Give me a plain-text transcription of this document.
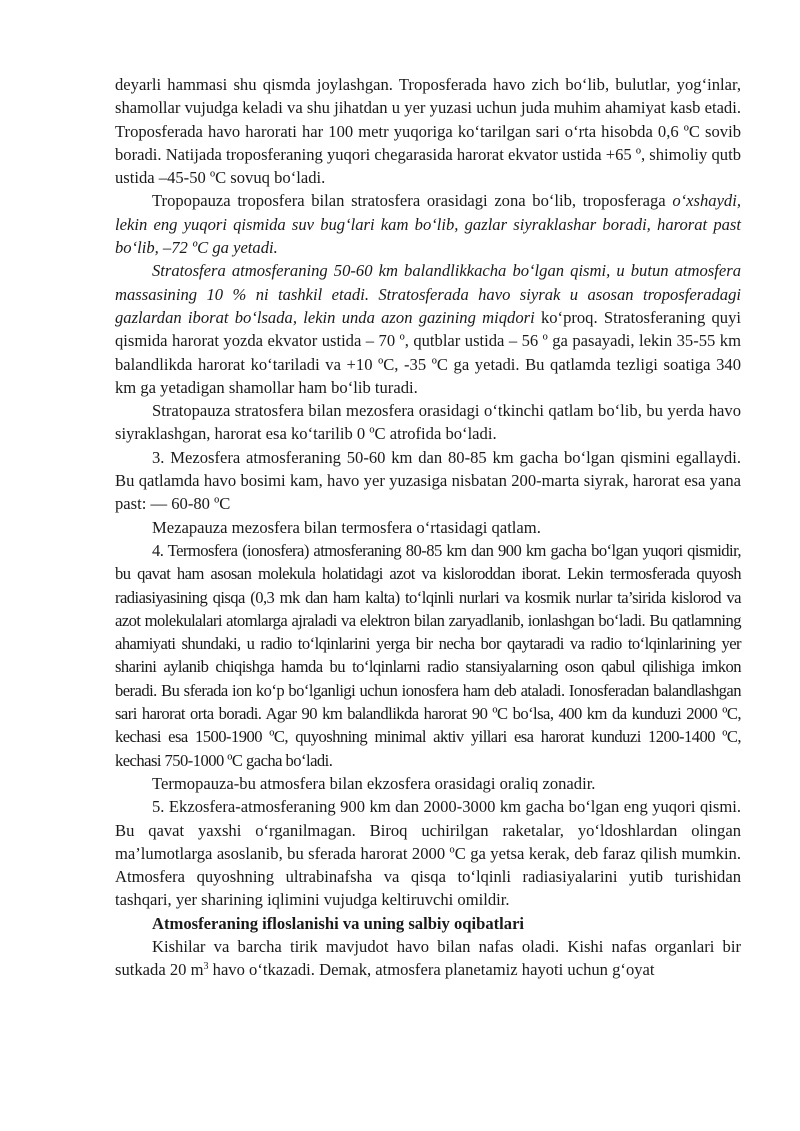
deyarli hammasi shu qismda joylashgan. Troposferada havo zich bo‘lib, bulutlar, yog‘inlar, shamollar vujudga keladi va shu jihatdan u yer yuzasi uchun juda muhim ahamiyat kasb etadi. Troposferada havo harorati har 100 metr yuqoriga ko‘tarilgan sari o‘rta hisobda 0,6 ºC sovib boradi. Natijada troposferaning yuqori chegarasida harorat ekvator ustida +65 º, shimoliy qutb ustida –45-50 ºC sovuq bo‘ladi.

Tropopauza troposfera bilan stratosfera orasidagi zona bo‘lib, troposferaga o‘xshaydi, lekin eng yuqori qismida suv bug‘lari kam bo‘lib, gazlar siyraklashar boradi, harorat past bo‘lib, –72 ºC ga yetadi.

Stratosfera atmosferaning 50-60 km balandlikkacha bo‘lgan qismi, u butun atmosfera massasining 10 % ni tashkil etadi. Stratosferada havo siyrak u asosan troposferadagi gazlardan iborat bo‘lsada, lekin unda azon gazining miqdori ko‘proq. Stratosferaning quyi qismida harorat yozda ekvator ustida – 70 º, qutblar ustida – 56 º ga pasayadi, lekin 35-55 km balandlikda harorat ko‘tariladi va +10 ºC, -35 ºC ga yetadi. Bu qatlamda tezligi soatiga 340 km ga yetadigan shamollar ham bo‘lib turadi.

Stratopauza stratosfera bilan mezosfera orasidagi o‘tkinchi qatlam bo‘lib, bu yerda havo siyraklashgan, harorat esa ko‘tarilib 0 ºC atrofida bo‘ladi.

3. Mezosfera atmosferaning 50-60 km dan 80-85 km gacha bo‘lgan qismini egallaydi. Bu qatlamda havo bosimi kam, havo yer yuzasiga nisbatan 200-marta siyrak, harorat esa yana past: — 60-80 ºC

Mezapauza mezosfera bilan termosfera o‘rtasidagi qatlam.

4. Termosfera (ionosfera) atmosferaning 80-85 km dan 900 km gacha bo‘lgan yuqori qismidir, bu qavat ham asosan molekula holatidagi azot va kisloroddan iborat. Lekin termosferada quyosh radiasiyasining qisqa (0,3 mk dan ham kalta) to‘lqinli nurlari va kosmik nurlar ta’sirida kislorod va azot molekulalari atomlarga ajraladi va elektron bilan zaryadlanib, ionlashgan bo‘ladi. Bu qatlamning ahamiyati shundaki, u radio to‘lqinlarini yerga bir necha bor qaytaradi va radio to‘lqinlarining yer sharini aylanib chiqishga hamda bu to‘lqinlarni radio stansiyalarning oson qabul qilishiga imkon beradi. Bu sferada ion ko‘p bo‘lganligi uchun ionosfera ham deb ataladi. Ionosferadan balandlashgan sari harorat orta boradi. Agar 90 km balandlikda harorat 90 ºC bo‘lsa, 400 km da kunduzi 2000 ºC, kechasi esa 1500-1900 ºC, quyoshning minimal aktiv yillari esa harorat kunduzi 1200-1400 ºC, kechasi 750-1000 ºC gacha bo‘ladi.

Termopauza-bu atmosfera bilan ekzosfera orasidagi oraliq zonadir.

5. Ekzosfera-atmosferaning 900 km dan 2000-3000 km gacha bo‘lgan eng yuqori qismi. Bu qavat yaxshi o‘rganilmagan. Biroq uchirilgan raketalar, yo‘ldoshlardan olingan ma’lumotlarga asoslanib, bu sferada harorat 2000 ºC ga yetsa kerak, deb faraz qilish mumkin. Atmosfera quyoshning ultrabinafsha va qisqa to‘lqinli radiasiyalarini yutib turishidan tashqari, yer sharining iqlimini vujudga keltiruvchi omildir.

Atmosferaning ifloslanishi va uning salbiy oqibatlari

Kishilar va barcha tirik mavjudot havo bilan nafas oladi. Kishi nafas organlari bir sutkada 20 $m^3$ havo o‘tkazadi. Demak, atmosfera planetamiz hayoti uchun g‘oyat
